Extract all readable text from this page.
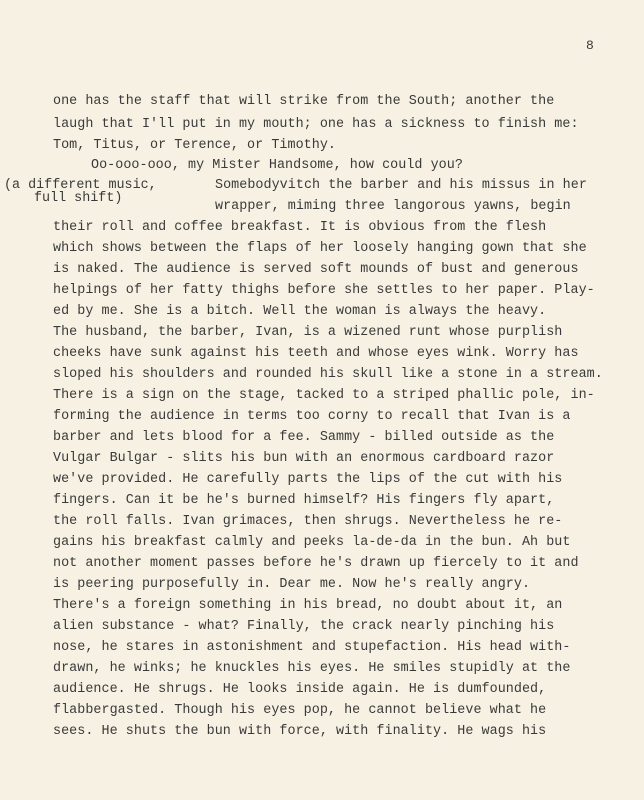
8
(a different music,
full shift)
one has the staff that will strike from the South; another the
laugh that I'll put in my mouth; one has a sickness to finish me:
Tom, Titus, or Terence, or Timothy.
Oo-ooo-ooo, my Mister Handsome, how could you?
Somebodyvitch the barber and his missus in her
wrapper, miming three langorous yawns, begin
their roll and coffee breakfast. It is obvious from the flesh
which shows between the flaps of her loosely hanging gown that she
is naked. The audience is served soft mounds of bust and generous
helpings of her fatty thighs before she settles to her paper. Play-
ed by me. She is a bitch. Well the woman is always the heavy.
The husband, the barber, Ivan, is a wizened runt whose purplish
cheeks have sunk against his teeth and whose eyes wink. Worry has
sloped his shoulders and rounded his skull like a stone in a stream.
There is a sign on the stage, tacked to a striped phallic pole, in-
forming the audience in terms too corny to recall that Ivan is a
barber and lets blood for a fee. Sammy - billed outside as the
Vulgar Bulgar - slits his bun with an enormous cardboard razor
we've provided. He carefully parts the lips of the cut with his
fingers. Can it be he's burned himself? His fingers fly apart,
the roll falls. Ivan grimaces, then shrugs. Nevertheless he re-
gains his breakfast calmly and peeks la-de-da in the bun. Ah but
not another moment passes before he's drawn up fiercely to it and
is peering purposefully in. Dear me. Now he's really angry.
There's a foreign something in his bread, no doubt about it, an
alien substance - what? Finally, the crack nearly pinching his
nose, he stares in astonishment and stupefaction. His head with-
drawn, he winks; he knuckles his eyes. He smiles stupidly at the
audience. He shrugs. He looks inside again. He is dumfounded,
flabbergasted. Though his eyes pop, he cannot believe what he
sees. He shuts the bun with force, with finality. He wags his
